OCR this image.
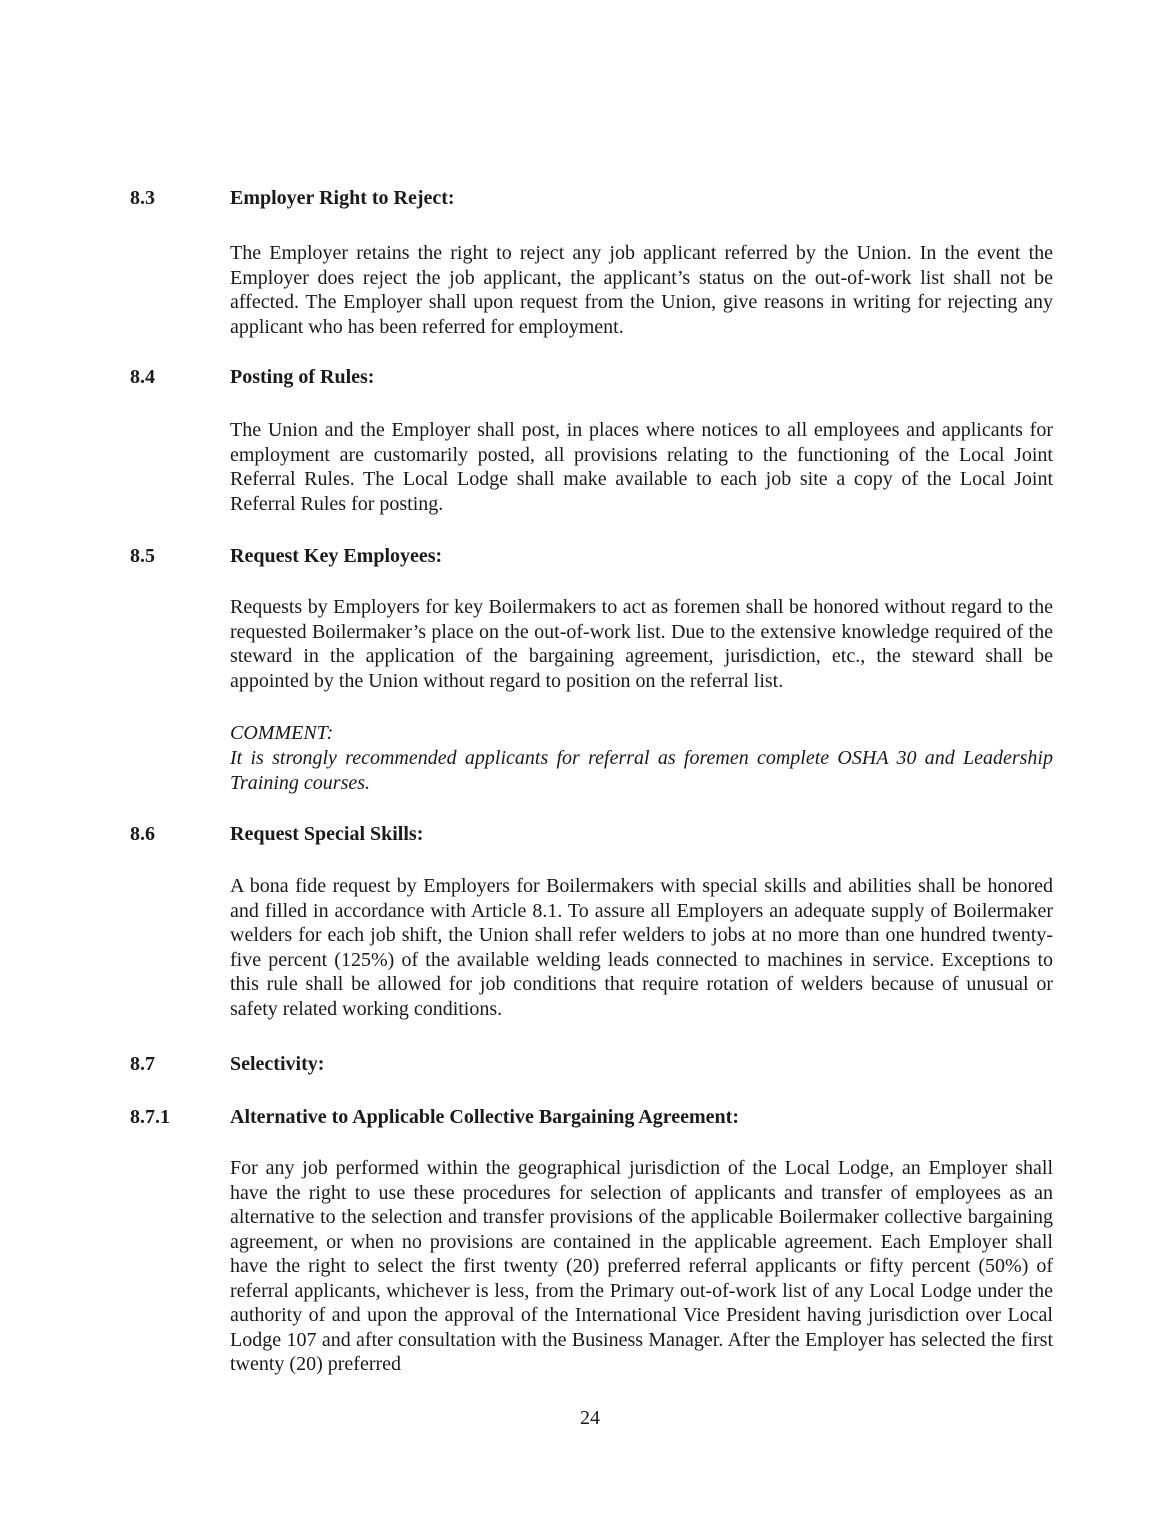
8.3	Employer Right to Reject:
The Employer retains the right to reject any job applicant referred by the Union. In the event the Employer does reject the job applicant, the applicant’s status on the out-of-work list shall not be affected. The Employer shall upon request from the Union, give reasons in writing for rejecting any applicant who has been referred for employment.
8.4	Posting of Rules:
The Union and the Employer shall post, in places where notices to all employees and applicants for employment are customarily posted, all provisions relating to the functioning of the Local Joint Referral Rules. The Local Lodge shall make available to each job site a copy of the Local Joint Referral Rules for posting.
8.5	Request Key Employees:
Requests by Employers for key Boilermakers to act as foremen shall be honored without regard to the requested Boilermaker’s place on the out-of-work list. Due to the extensive knowledge required of the steward in the application of the bargaining agreement, jurisdiction, etc., the steward shall be appointed by the Union without regard to position on the referral list.
COMMENT:
It is strongly recommended applicants for referral as foremen complete OSHA 30 and Leadership Training courses.
8.6	Request Special Skills:
A bona fide request by Employers for Boilermakers with special skills and abilities shall be honored and filled in accordance with Article 8.1. To assure all Employers an adequate supply of Boilermaker welders for each job shift, the Union shall refer welders to jobs at no more than one hundred twenty-five percent (125%) of the available welding leads connected to machines in service. Exceptions to this rule shall be allowed for job conditions that require rotation of welders because of unusual or safety related working conditions.
8.7	Selectivity:
8.7.1	Alternative to Applicable Collective Bargaining Agreement:
For any job performed within the geographical jurisdiction of the Local Lodge, an Employer shall have the right to use these procedures for selection of applicants and transfer of employees as an alternative to the selection and transfer provisions of the applicable Boilermaker collective bargaining agreement, or when no provisions are contained in the applicable agreement. Each Employer shall have the right to select the first twenty (20) preferred referral applicants or fifty percent (50%) of referral applicants, whichever is less, from the Primary out-of-work list of any Local Lodge under the authority of and upon the approval of the International Vice President having jurisdiction over Local Lodge 107 and after consultation with the Business Manager. After the Employer has selected the first twenty (20) preferred
24
